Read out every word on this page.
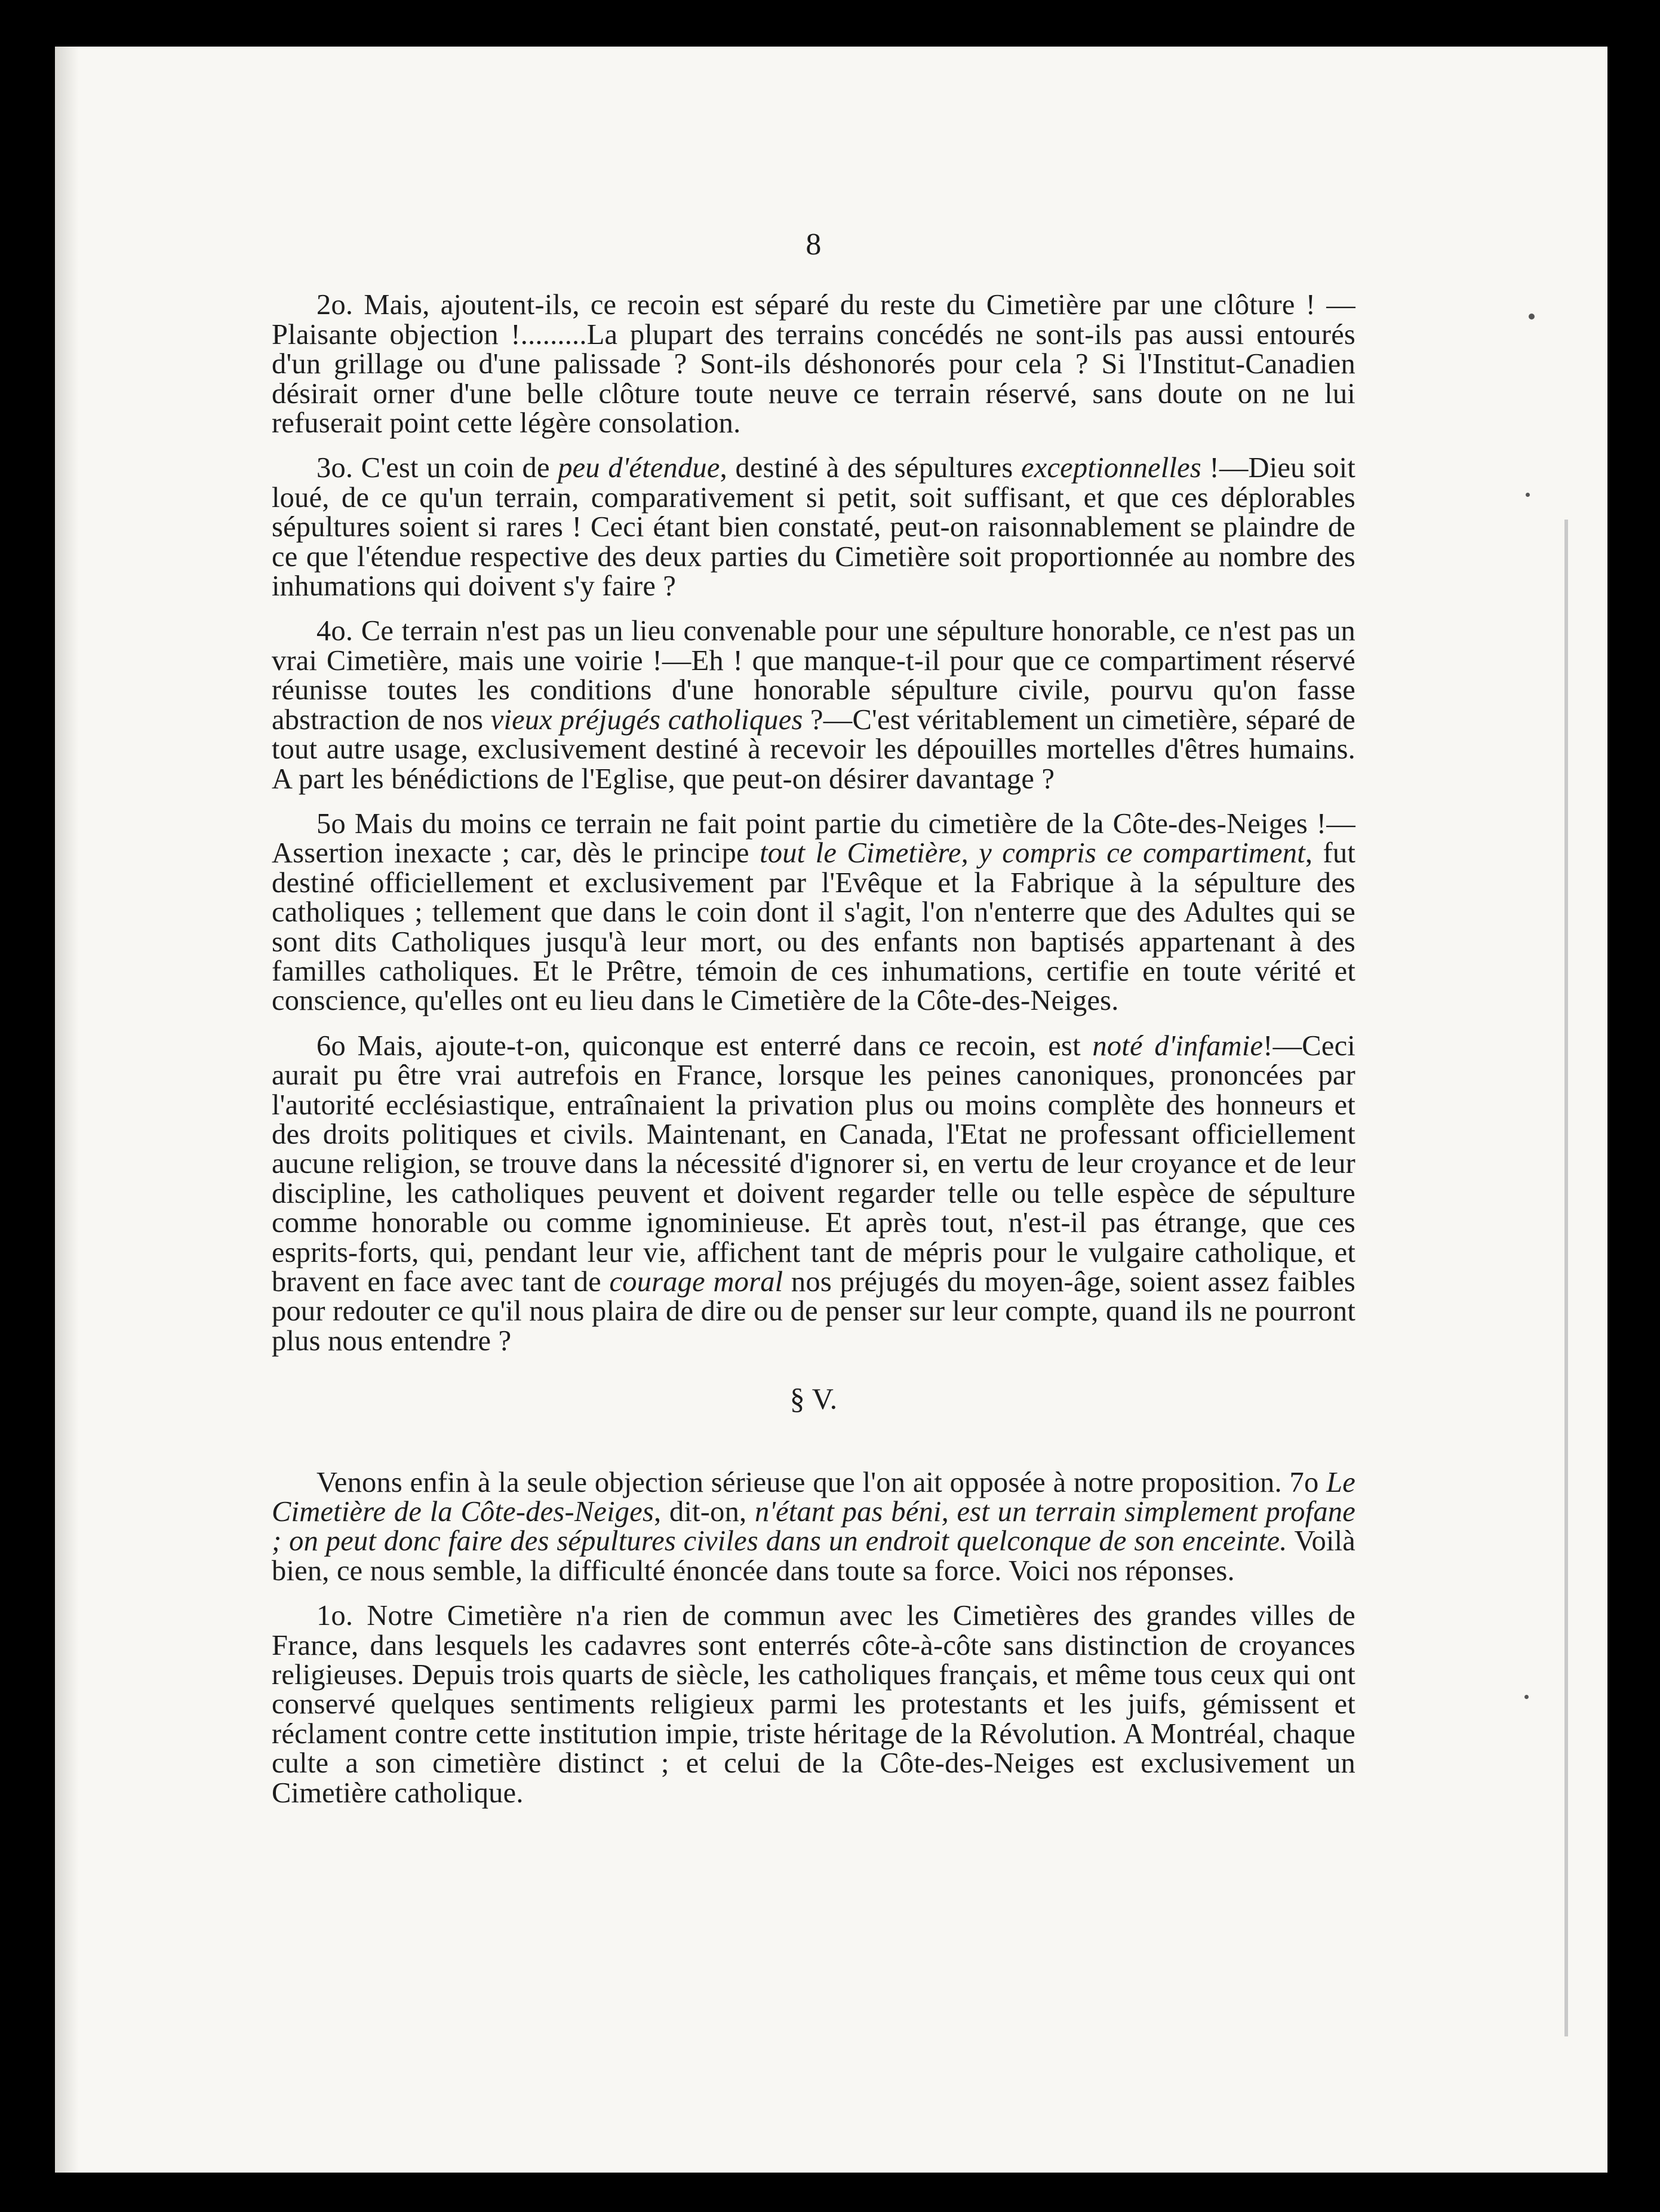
8

2o. Mais, ajoutent-ils, ce recoin est séparé du reste du Cimetière par une clôture ! — Plaisante objection !.........La plupart des terrains concédés ne sont-ils pas aussi entourés d'un grillage ou d'une palissade ? Sont-ils déshonorés pour cela ? Si l'Institut-Canadien désirait orner d'une belle clôture toute neuve ce terrain réservé, sans doute on ne lui refuserait point cette légère consolation.

3o. C'est un coin de peu d'étendue, destiné à des sépultures exceptionnelles !—Dieu soit loué, de ce qu'un terrain, comparativement si petit, soit suffisant, et que ces déplorables sépultures soient si rares ! Ceci étant bien constaté, peut-on raisonnablement se plaindre de ce que l'étendue respective des deux parties du Cimetière soit proportionnée au nombre des inhumations qui doivent s'y faire ?

4o. Ce terrain n'est pas un lieu convenable pour une sépulture honorable, ce n'est pas un vrai Cimetière, mais une voirie !—Eh ! que manque-t-il pour que ce compartiment réservé réunisse toutes les conditions d'une honorable sépulture civile, pourvu qu'on fasse abstraction de nos vieux préjugés catholiques ?—C'est véritablement un cimetière, séparé de tout autre usage, exclusivement destiné à recevoir les dépouilles mortelles d'êtres humains. A part les bénédictions de l'Eglise, que peut-on désirer davantage ?

5o Mais du moins ce terrain ne fait point partie du cimetière de la Côte-des-Neiges !—Assertion inexacte ; car, dès le principe tout le Cimetière, y compris ce compartiment, fut destiné officiellement et exclusivement par l'Evêque et la Fabrique à la sépulture des catholiques ; tellement que dans le coin dont il s'agit, l'on n'enterre que des Adultes qui se sont dits Catholiques jusqu'à leur mort, ou des enfants non baptisés appartenant à des familles catholiques. Et le Prêtre, témoin de ces inhumations, certifie en toute vérité et conscience, qu'elles ont eu lieu dans le Cimetière de la Côte-des-Neiges.

6o Mais, ajoute-t-on, quiconque est enterré dans ce recoin, est noté d'infamie!—Ceci aurait pu être vrai autrefois en France, lorsque les peines canoniques, prononcées par l'autorité ecclésiastique, entraînaient la privation plus ou moins complète des honneurs et des droits politiques et civils. Maintenant, en Canada, l'Etat ne professant officiellement aucune religion, se trouve dans la nécessité d'ignorer si, en vertu de leur croyance et de leur discipline, les catholiques peuvent et doivent regarder telle ou telle espèce de sépulture comme honorable ou comme ignominieuse. Et après tout, n'est-il pas étrange, que ces esprits-forts, qui, pendant leur vie, affichent tant de mépris pour le vulgaire catholique, et bravent en face avec tant de courage moral nos préjugés du moyen-âge, soient assez faibles pour redouter ce qu'il nous plaira de dire ou de penser sur leur compte, quand ils ne pourront plus nous entendre ?

§ V.

Venons enfin à la seule objection sérieuse que l'on ait opposée à notre proposition. 7o Le Cimetière de la Côte-des-Neiges, dit-on, n'étant pas béni, est un terrain simplement profane ; on peut donc faire des sépultures civiles dans un endroit quelconque de son enceinte. Voilà bien, ce nous semble, la difficulté énoncée dans toute sa force. Voici nos réponses.

1o. Notre Cimetière n'a rien de commun avec les Cimetières des grandes villes de France, dans lesquels les cadavres sont enterrés côte-à-côte sans distinction de croyances religieuses. Depuis trois quarts de siècle, les catholiques français, et même tous ceux qui ont conservé quelques sentiments religieux parmi les protestants et les juifs, gémissent et réclament contre cette institution impie, triste héritage de la Révolution. A Montréal, chaque culte a son cimetière distinct ; et celui de la Côte-des-Neiges est exclusivement un Cimetière catholique.
